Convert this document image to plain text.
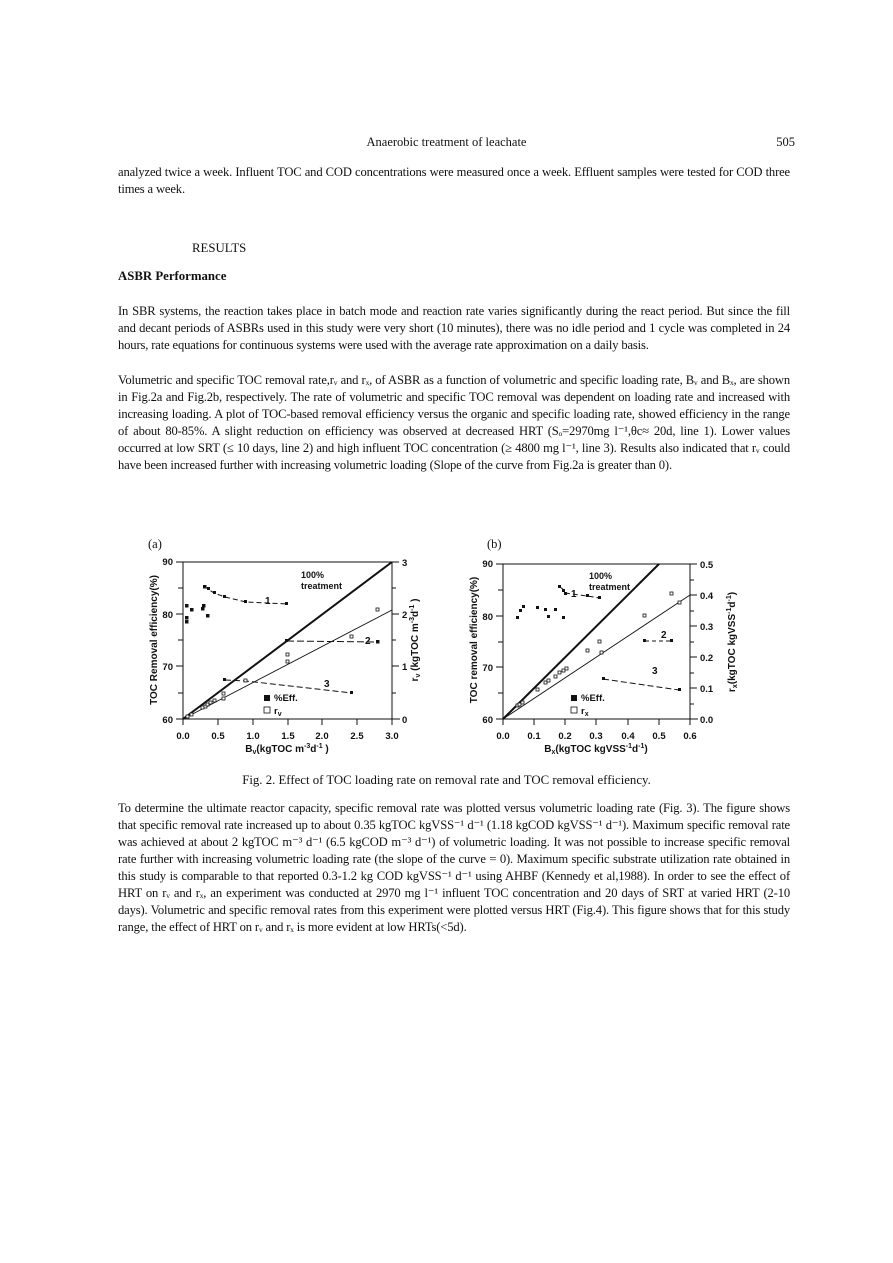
Anaerobic treatment of leachate	505
analyzed twice a week. Influent TOC and COD concentrations were measured once a week. Effluent samples were tested for COD three times a week.
RESULTS
ASBR Performance
In SBR systems, the reaction takes place in batch mode and reaction rate varies significantly during the react period. But since the fill and decant periods of ASBRs used in this study were very short (10 minutes), there was no idle period and 1 cycle was completed in 24 hours, rate equations for continuous systems were used with the average rate approximation on a daily basis.
Volumetric and specific TOC removal rate,rᵥ and rₓ, of ASBR as a function of volumetric and specific loading rate, Bᵥ and Bₓ, are shown in Fig.2a and Fig.2b, respectively. The rate of volumetric and specific TOC removal was dependent on loading rate and increased with increasing loading. A plot of TOC-based removal efficiency versus the organic and specific loading rate, showed efficiency in the range of about 80-85%. A slight reduction on efficiency was observed at decreased HRT (Sₒ=2970mg l⁻¹,θc≈ 20d, line 1). Lower values occurred at low SRT (≤ 10 days, line 2) and high influent TOC concentration (≥ 4800 mg l⁻¹, line 3). Results also indicated that rᵥ could have been increased further with increasing volumetric loading (Slope of the curve from Fig.2a is greater than 0).
(a)	(b)
%Eff.
$r_v$
100%
treatment
1
2
3
90
80
70
60
3
2
1
0
0.0 0.5 1.0 1.5 2.0 2.5 3.0
$B_v(kgTOC$ $m^{-3}d^{-1}$ )
TOC Removal efficiency(%)	$r_v$ (kgTOC $m^{-3}d^{-1}$ )
%Eff.
$r_x$
100%
treatment
1
2
3
90
80
70
60
0.5
0.4
0.3
0.2
0.1
0.0
0.0 0.1 0.2 0.3 0.4 0.5 0.6
$B_x(kgTOC$ $kgVSS^{-1}d^{-1}$)
TOC removal efficiency(%)	$r_x(kgTOC$ $kgVSS^{-1}d^{-1}$)
Fig. 2. Effect of TOC loading rate on removal rate and TOC removal efficiency.
To determine the ultimate reactor capacity, specific removal rate was plotted versus volumetric loading rate (Fig. 3). The figure shows that specific removal rate increased up to about 0.35 kgTOC kgVSS⁻¹ d⁻¹ (1.18 kgCOD kgVSS⁻¹ d⁻¹). Maximum specific removal rate was achieved at about 2 kgTOC m⁻³ d⁻¹ (6.5 kgCOD m⁻³ d⁻¹) of volumetric loading. It was not possible to increase specific removal rate further with increasing volumetric loading rate (the slope of the curve = 0). Maximum specific substrate utilization rate obtained in this study is comparable to that reported 0.3-1.2 kg COD kgVSS⁻¹ d⁻¹ using AHBF (Kennedy et al,1988). In order to see the effect of HRT on rᵥ and rₓ, an experiment was conducted at 2970 mg l⁻¹ influent TOC concentration and 20 days of SRT at varied HRT (2-10 days). Volumetric and specific removal rates from this experiment were plotted versus HRT (Fig.4). This figure shows that for this study range, the effect of HRT on rᵥ and rₓ is more evident at low HRTs(<5d).
